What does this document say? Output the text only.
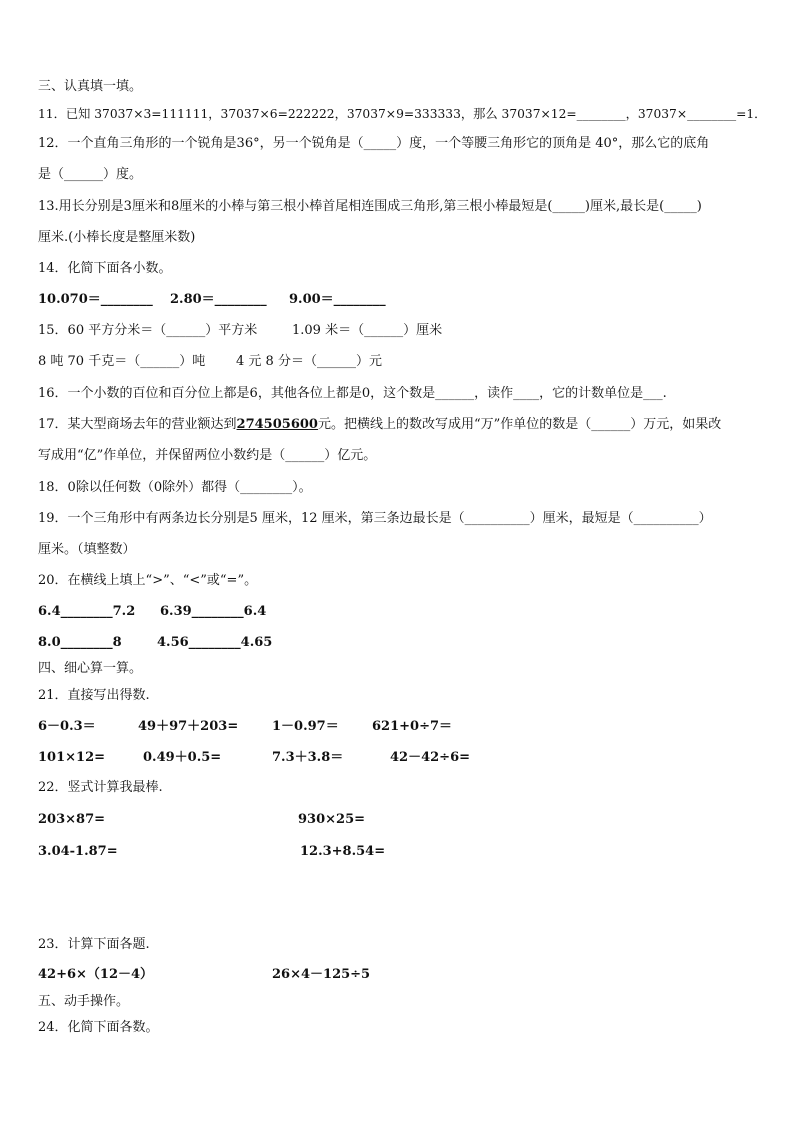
三、认真填一填。
11．已知 37037×3=111111，37037×6=222222，37037×9=333333，那么 37037×12=________，37037×________=1．
12．一个直角三角形的一个锐角是36°，另一个锐角是（_____）度，一个等腰三角形它的顶角是 40°，那么它的底角
是（______）度。
13.用长分别是3厘米和8厘米的小棒与第三根小棒首尾相连围成三角形,第三根小棒最短是(_____)厘米,最长是(_____)
厘米.(小棒长度是整厘米数)
14．化简下面各小数。
10.070＝________ 2.80＝________ 9.00＝________
15．60 平方分米＝（______）平方米	1.09 米＝（______）厘米
8 吨 70 千克＝（______）吨 4 元 8 分＝（______）元
16．一个小数的百位和百分位上都是6，其他各位上都是0，这个数是______，读作____，它的计数单位是___.
17．某大型商场去年的营业额达到274505600元。把横线上的数改写成用“万”作单位的数是（______）万元，如果改
写成用“亿”作单位，并保留两位小数约是（______）亿元。
18．0除以任何数（0除外）都得（________）。
19．一个三角形中有两条边长分别是5 厘米，12 厘米，第三条边最长是（__________）厘米，最短是（__________）
厘米。（填整数）
20．在横线上填上“>”、“<”或“=”。
6.4________7.2 6.39________6.4
8.0________8	4.56________4.65
四、细心算一算。
21．直接写出得数.
6－0.3＝	49＋97＋203=	1－0.97＝	621+0÷7＝
101×12=	0.49＋0.5=	7.3＋3.8＝	42－42÷6=
22．竖式计算我最棒.
203×87=	930×25=
3.04-1.87=	12.3+8.54=
23．计算下面各题.
42+6×（12－4）	26×4－125÷5
五、动手操作。
24．化简下面各数。
